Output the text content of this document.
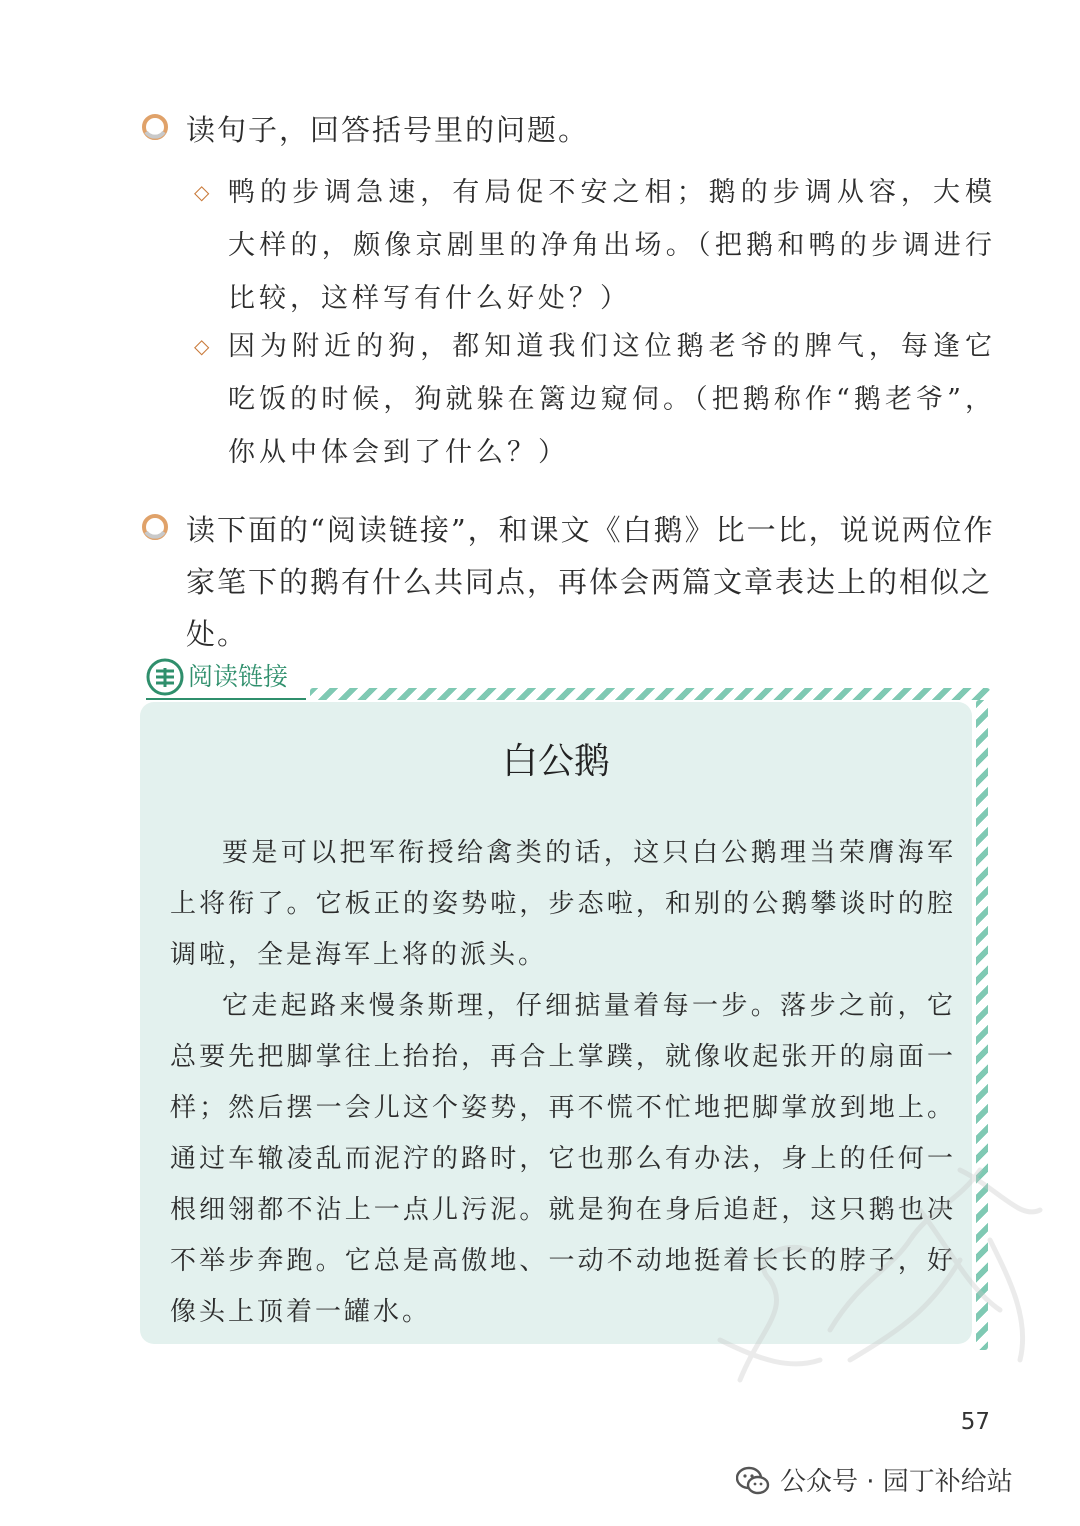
读句子，回答括号里的问题。
◇ 鸭的步调急速，有局促不安之相；鹅的步调从容，大模大样的，颇像京剧里的净角出场。（把鹅和鸭的步调进行比较，这样写有什么好处？）
◇ 因为附近的狗，都知道我们这位鹅老爷的脾气，每逢它吃饭的时候，狗就躲在篱边窥伺。（把鹅称作“鹅老爷”，你从中体会到了什么？）
读下面的“阅读链接”，和课文《白鹅》比一比，说说两位作家笔下的鹅有什么共同点，再体会两篇文章表达上的相似之处。
阅读链接
白公鹅

要是可以把军衔授给禽类的话，这只白公鹅理当荣膺海军上将衔了。它板正的姿势啦，步态啦，和别的公鹅攀谈时的腔调啦，全是海军上将的派头。

它走起路来慢条斯理，仔细掂量着每一步。落步之前，它总要先把脚掌往上抬抬，再合上掌蹼，就像收起张开的扇面一样；然后摆一会儿这个姿势，再不慌不忙地把脚掌放到地上。通过车辙凌乱而泥泞的路时，它也那么有办法，身上的任何一根细翎都不沾上一点儿污泥。就是狗在身后追赶，这只鹅也决不举步奔跑。它总是高傲地、一动不动地挺着长长的脖子，好像头上顶着一罐水。

57
公众号 · 园丁补给站
